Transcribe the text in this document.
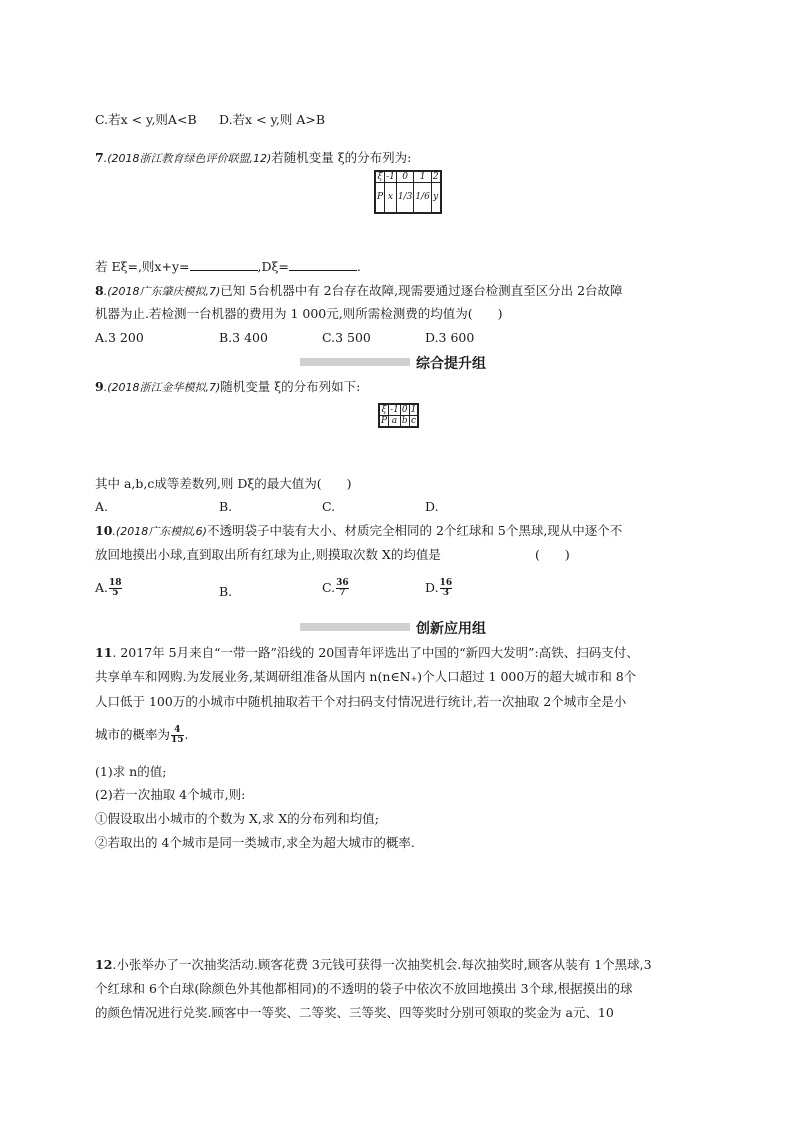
C.若x < y,则A<B D.若x < y,则 A>B
7.(2018浙江教育绿色评价联盟,12)若随机变量 ξ的分布列为:
ξ	-1	0	1	2
P	x	1/3	1/6	y
若 Eξ=,则x+y=	,Dξ=	.
8.(2018广东肇庆模拟,7)已知 5台机器中有 2台存在故障,现需要通过逐台检测直至区分出 2台故障
机器为止.若检测一台机器的费用为 1 000元,则所需检测费的均值为(　　)
A.3 200	B.3 400	C.3 500	D.3 600
综合提升组
9.(2018浙江金华模拟,7)随机变量 ξ的分布列如下:
ξ	-1	0	1
P	a	b	c
其中 a,b,c成等差数列,则 Dξ的最大值为(　　)
A.	B.	C.	D.
10.(2018广东模拟,6)不透明袋子中装有大小、材质完全相同的 2个红球和 5个黑球,现从中逐个不
放回地摸出小球,直到取出所有红球为止,则摸取次数 X的均值是	(　　)
A. $\frac{18}{5}$	B.	C. $\frac{36}{7}$	D. $\frac{16}{3}$
创新应用组
11. 2017年 5月来自“一带一路”沿线的 20国青年评选出了中国的“新四大发明”:高铁、扫码支付、
共享单车和网购.为发展业务,某调研组准备从国内 n(n∈N₊)个人口超过 1 000万的超大城市和 8个
人口低于 100万的小城市中随机抽取若干个对扫码支付情况进行统计,若一次抽取 2个城市全是小
城市的概率为 $\frac{4}{15}$ .
(1)求 n的值;
(2)若一次抽取 4个城市,则:
①假设取出小城市的个数为 X,求 X的分布列和均值;
②若取出的 4个城市是同一类城市,求全为超大城市的概率.
12.小张举办了一次抽奖活动.顾客花费 3元钱可获得一次抽奖机会.每次抽奖时,顾客从装有 1个黑球,3
个红球和 6个白球(除颜色外其他都相同)的不透明的袋子中依次不放回地摸出 3个球,根据摸出的球
的颜色情况进行兑奖.顾客中一等奖、二等奖、三等奖、四等奖时分别可领取的奖金为 a元、10
